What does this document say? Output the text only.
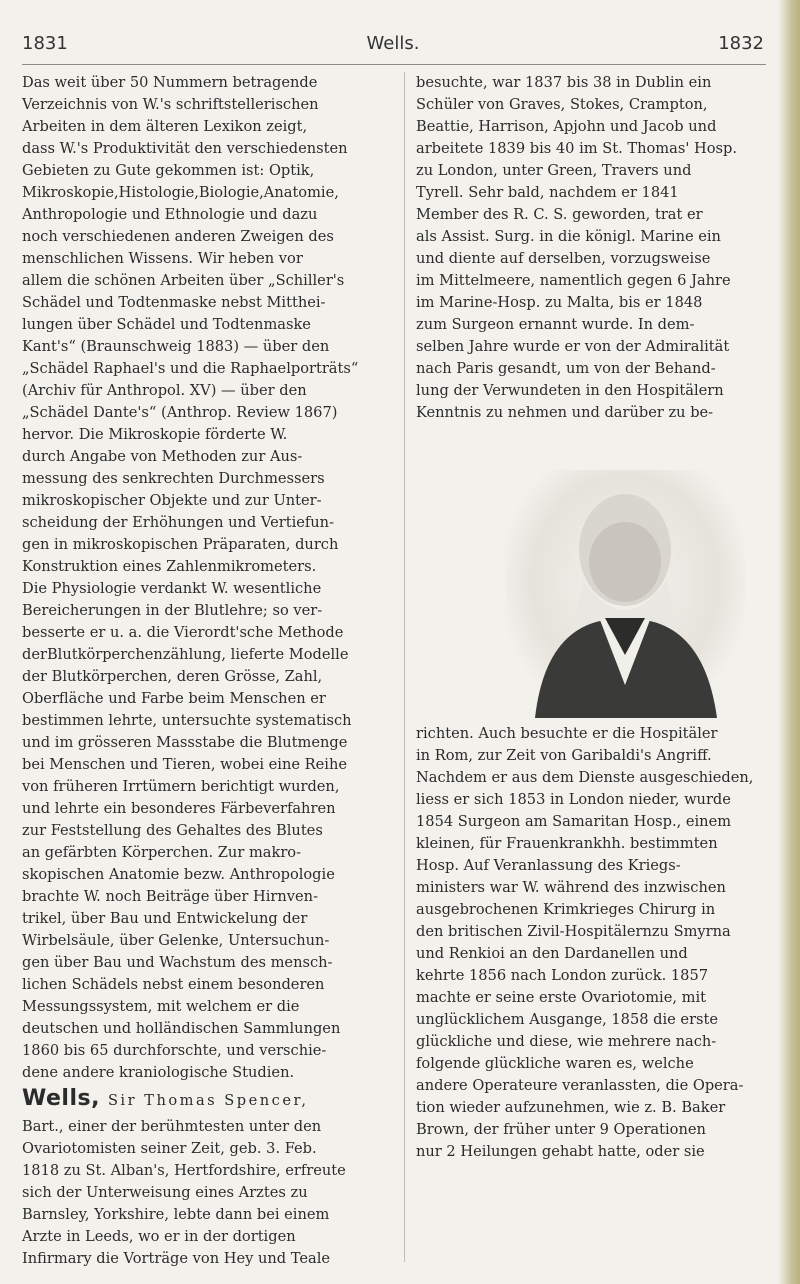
1831	Wells.	1832
Das weit über 50 Nummern betragende
Verzeichnis von W.'s schriftstellerischen
Arbeiten in dem älteren Lexikon zeigt,
dass W.'s Produktivität den verschiedensten
Gebieten zu Gute gekommen ist: Optik,
Mikroskopie,Histologie,Biologie,Anatomie,
Anthropologie und Ethnologie und dazu
noch verschiedenen anderen Zweigen des
menschlichen Wissens. Wir heben vor
allem die schönen Arbeiten über „Schiller's
Schädel und Todtenmaske nebst Mitthei-
lungen über Schädel und Todtenmaske
Kant's“ (Braunschweig 1883) — über den
„Schädel Raphael's und die Raphaelporträts“
(Archiv für Anthropol. XV) — über den
„Schädel Dante's“ (Anthrop. Review 1867)
hervor. Die Mikroskopie förderte W.
durch Angabe von Methoden zur Aus-
messung des senkrechten Durchmessers
mikroskopischer Objekte und zur Unter-
scheidung der Erhöhungen und Vertiefun-
gen in mikroskopischen Präparaten, durch
Konstruktion eines Zahlenmikrometers.
Die Physiologie verdankt W. wesentliche
Bereicherungen in der Blutlehre; so ver-
besserte er u. a. die Vierordt'sche Methode
derBlutkörperchenzählung, lieferte Modelle
der Blutkörperchen, deren Grösse, Zahl,
Oberfläche und Farbe beim Menschen er
bestimmen lehrte, untersuchte systematisch
und im grösseren Massstabe die Blutmenge
bei Menschen und Tieren, wobei eine Reihe
von früheren Irrtümern berichtigt wurden,
und lehrte ein besonderes Färbeverfahren
zur Feststellung des Gehaltes des Blutes
an gefärbten Körperchen. Zur makro-
skopischen Anatomie bezw. Anthropologie
brachte W. noch Beiträge über Hirnven-
trikel, über Bau und Entwickelung der
Wirbelsäule, über Gelenke, Untersuchun-
gen über Bau und Wachstum des mensch-
lichen Schädels nebst einem besonderen
Messungssystem, mit welchem er die
deutschen und holländischen Sammlungen
1860 bis 65 durchforschte, und verschie-
dene andere kraniologische Studien.
Wells, Sir Thomas Spencer,
Bart., einer der berühmtesten unter den
Ovariotomisten seiner Zeit, geb. 3. Feb.
1818 zu St. Alban's, Hertfordshire, erfreute
sich der Unterweisung eines Arztes zu
Barnsley, Yorkshire, lebte dann bei einem
Arzte in Leeds, wo er in der dortigen
Infirmary die Vorträge von Hey und Teale
besuchte, war 1837 bis 38 in Dublin ein
Schüler von Graves, Stokes, Crampton,
Beattie, Harrison, Apjohn und Jacob und
arbeitete 1839 bis 40 im St. Thomas' Hosp.
zu London, unter Green, Travers und
Tyrell. Sehr bald, nachdem er 1841
Member des R. C. S. geworden, trat er
als Assist. Surg. in die königl. Marine ein
und diente auf derselben, vorzugsweise
im Mittelmeere, namentlich gegen 6 Jahre
im Marine-Hosp. zu Malta, bis er 1848
zum Surgeon ernannt wurde. In dem-
selben Jahre wurde er von der Admiralität
nach Paris gesandt, um von der Behand-
lung der Verwundeten in den Hospitälern
Kenntnis zu nehmen und darüber zu be-
richten. Auch besuchte er die Hospitäler
in Rom, zur Zeit von Garibaldi's Angriff.
Nachdem er aus dem Dienste ausgeschieden,
liess er sich 1853 in London nieder, wurde
1854 Surgeon am Samaritan Hosp., einem
kleinen, für Frauenkrankhh. bestimmten
Hosp. Auf Veranlassung des Kriegs-
ministers war W. während des inzwischen
ausgebrochenen Krimkrieges Chirurg in
den britischen Zivil-Hospitälernzu Smyrna
und Renkioi an den Dardanellen und
kehrte 1856 nach London zurück. 1857
machte er seine erste Ovariotomie, mit
unglücklichem Ausgange, 1858 die erste
glückliche und diese, wie mehrere nach-
folgende glückliche waren es, welche
andere Operateure veranlassten, die Opera-
tion wieder aufzunehmen, wie z. B. Baker
Brown, der früher unter 9 Operationen
nur 2 Heilungen gehabt hatte, oder sie
